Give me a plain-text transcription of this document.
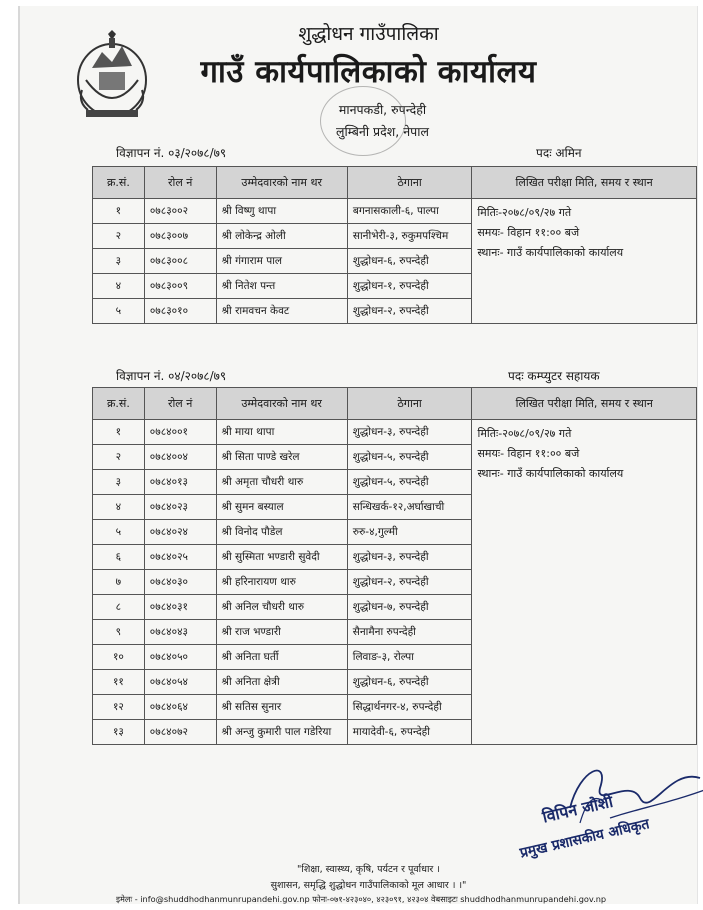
शुद्धोधन गाउँपालिका
गाउँ कार्यपालिकाको कार्यालय
मानपकडी, रुपन्देही
लुम्बिनी प्रदेश, नेपाल
विज्ञापन नं. ०३/२०७८/७९	पदः अमिन
क्र.सं.	रोल नं	उम्मेदवारको नाम थर	ठेगाना	लिखित परीक्षा मिति, समय र स्थान
१	०७८३००२	श्री विष्णु थापा	बगनासकाली-६, पाल्पा	मितिः-२०७८/०९/२७ गते
समयः- विहान ११:०० बजे
स्थानः- गाउँ कार्यपालिकाको कार्यालय

२	०७८३००७	श्री लोकेन्द्र ओली	सानीभेरी-३, रुकुमपश्चिम	
३	०७८३००८	श्री गंगाराम पाल	शुद्धोधन-६, रुपन्देही	
४	०७८३००९	श्री नितेश पन्त	शुद्धोधन-१, रुपन्देही	
५	०७८३०१०	श्री रामवचन केवट	शुद्धोधन-२, रुपन्देही	
विज्ञापन नं. ०४/२०७८/७९	पदः कम्प्युटर सहायक
क्र.सं.	रोल नं	उम्मेदवारको नाम थर	ठेगाना	लिखित परीक्षा मिति, समय र स्थान
१	०७८४००१	श्री माया थापा	शुद्धोधन-३, रुपन्देही	मितिः-२०७८/०९/२७ गते
समयः- विहान ११:०० बजे
स्थानः- गाउँ कार्यपालिकाको कार्यालय

२	०७८४००४	श्री सिता पाण्डे खरेल	शुद्धोधन-५, रुपन्देही	
३	०७८४०१३	श्री अमृता चौधरी थारु	शुद्धोधन-५, रुपन्देही	
४	०७८४०२३	श्री सुमन बस्याल	सन्धिखर्क-१२,अर्घाखाची	
५	०७८४०२४	श्री विनोद पौडेल	रुरु-४,गुल्मी	
६	०७८४०२५	श्री सुस्मिता भण्डारी सुवेदी	शुद्धोधन-३, रुपन्देही	
७	०७८४०३०	श्री हरिनारायण थारु	शुद्धोधन-२, रुपन्देही	
८	०७८४०३१	श्री अनिल चौधरी थारु	शुद्धोधन-७, रुपन्देही	
९	०७८४०४३	श्री राज भण्डारी	सैनामैना रुपन्देही	
१०	०७८४०५०	श्री अनिता घर्ती	लिवाङ-३, रोल्पा	
११	०७८४०५४	श्री अनिता क्षेत्री	शुद्धोधन-६, रुपन्देही	
१२	०७८४०६४	श्री सतिस सुनार	सिद्धार्थनगर-४, रुपन्देही	
१३	०७८४०७२	श्री अन्जु कुमारी पाल गडेरिया	मायादेवी-६, रुपन्देही	
विपिन जोशी
प्रमुख प्रशासकीय अधिकृत
"शिक्षा, स्वास्थ्य, कृषि, पर्यटन र पूर्वाधार ।
सुशासन, समृद्धि शुद्धोधन गाउँपालिकाको मूल आधार । ।"
इमेलः - info@shuddhodhanmunrupandehi.gov.np फोनः-०७१-४२३०४०, ४२३०९१, ४२३०४ वेबसाइटः shuddhodhanmunrupandehi.gov.np
